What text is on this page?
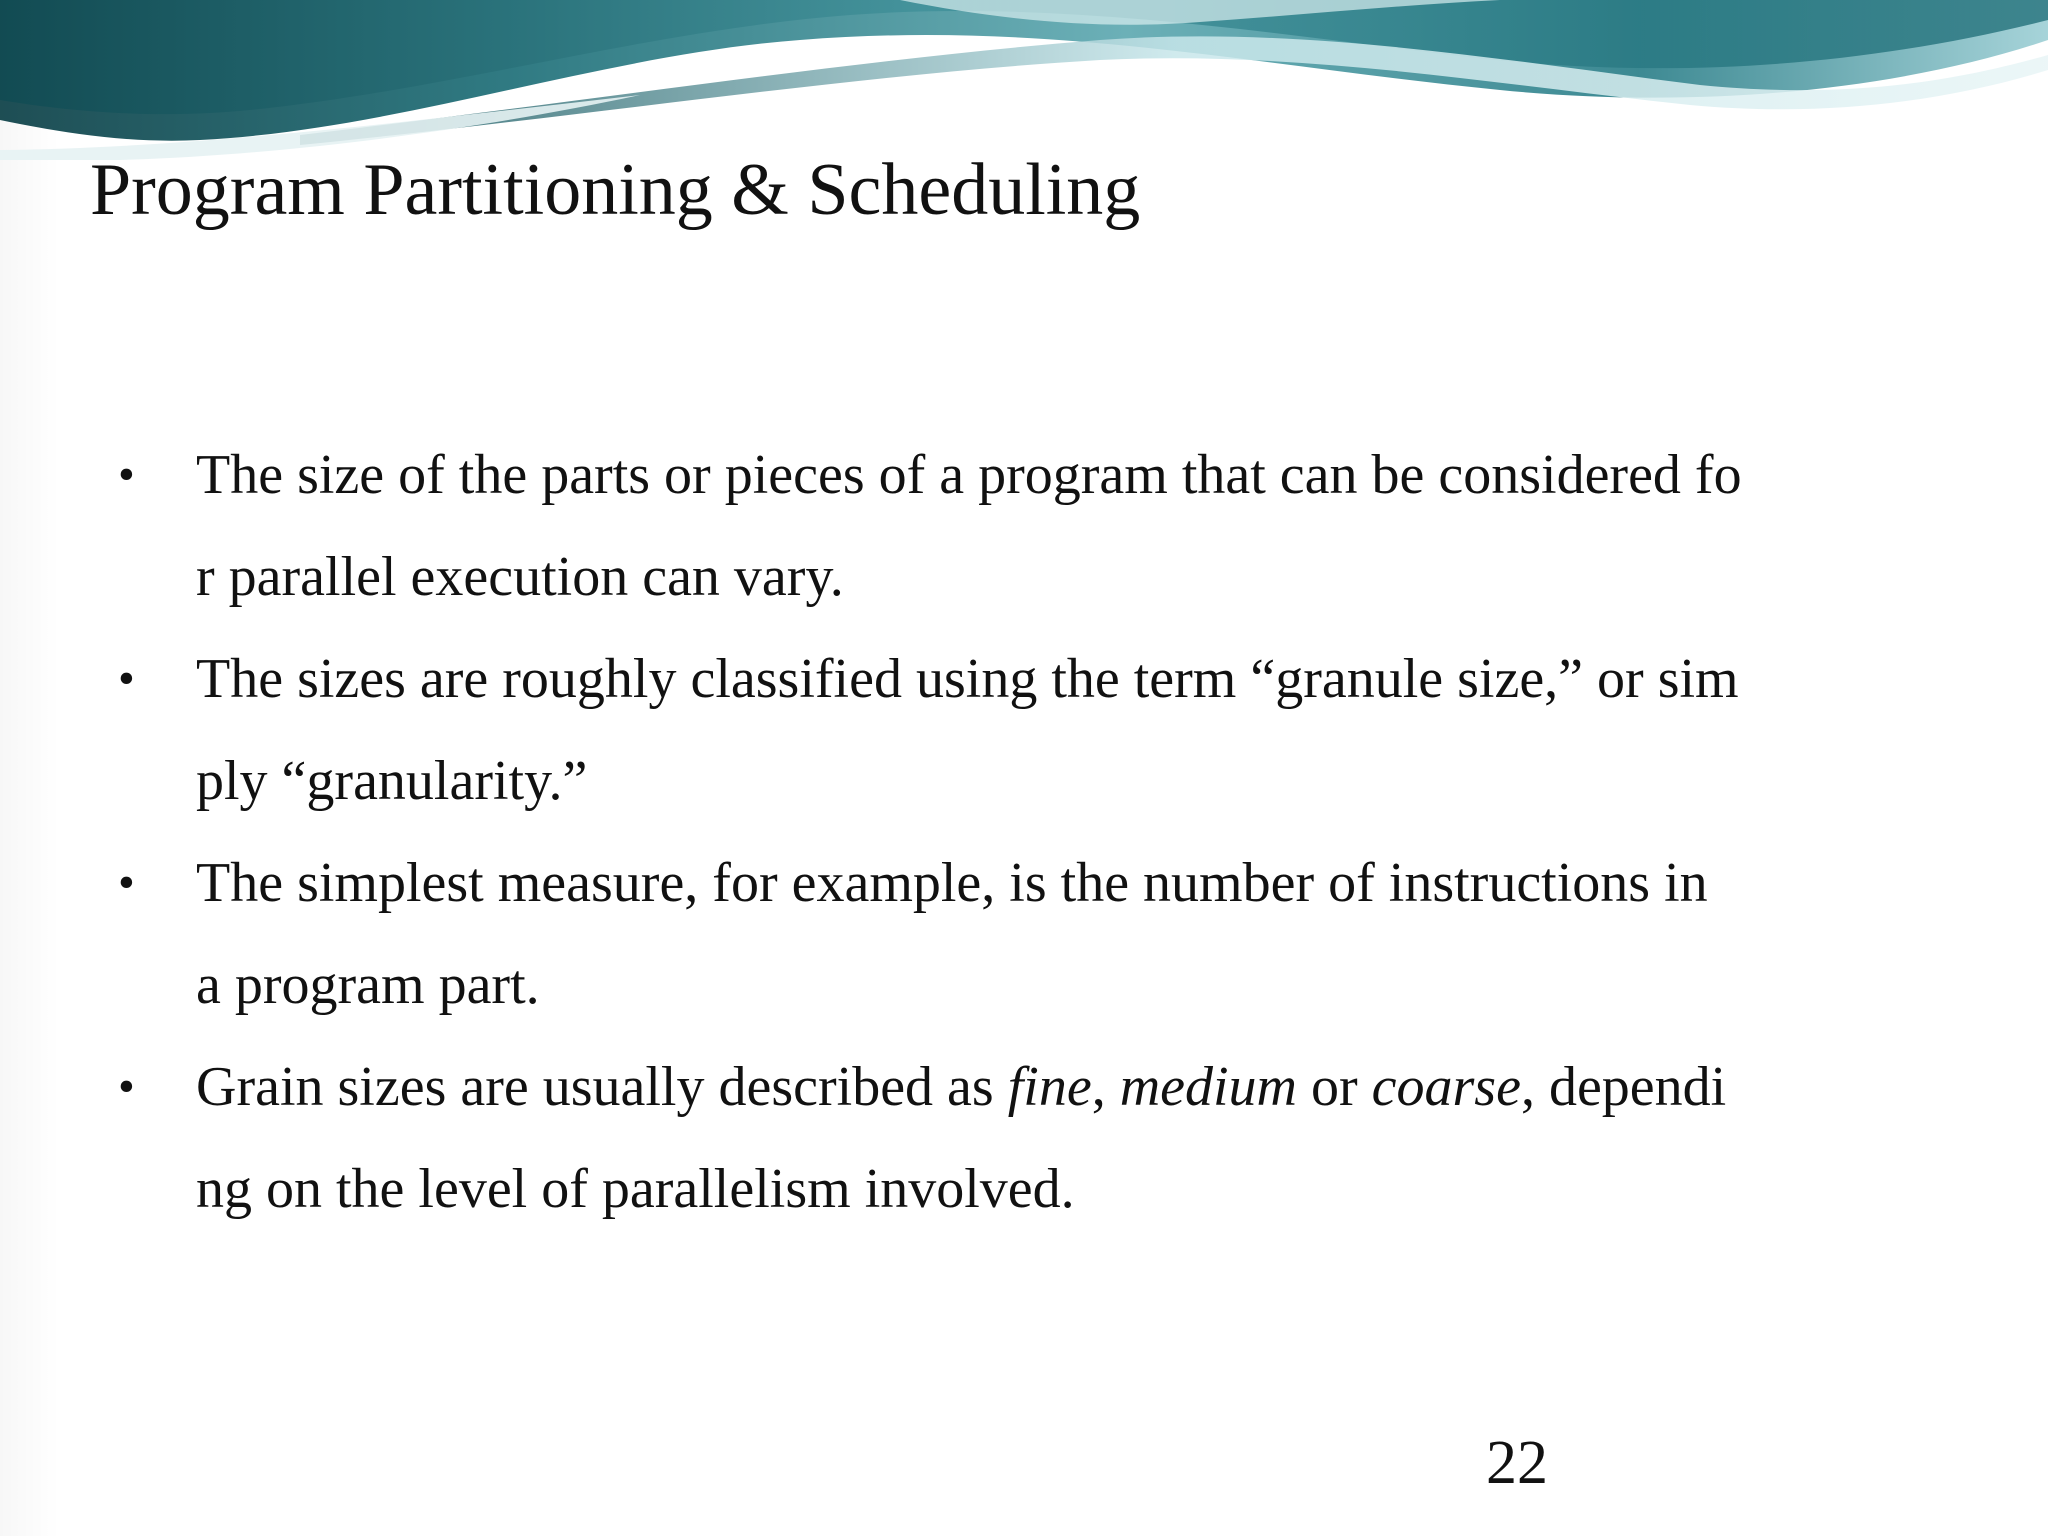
Program Partitioning & Scheduling
• The size of the parts or pieces of a program that can be considered fo
r parallel execution can vary.
• The sizes are roughly classified using the term “granule size,” or sim
ply “granularity.”
• The simplest measure, for example, is the number of instructions in
a program part.
• Grain sizes are usually described as fine, medium or coarse, dependi
ng on the level of parallelism involved.
22
